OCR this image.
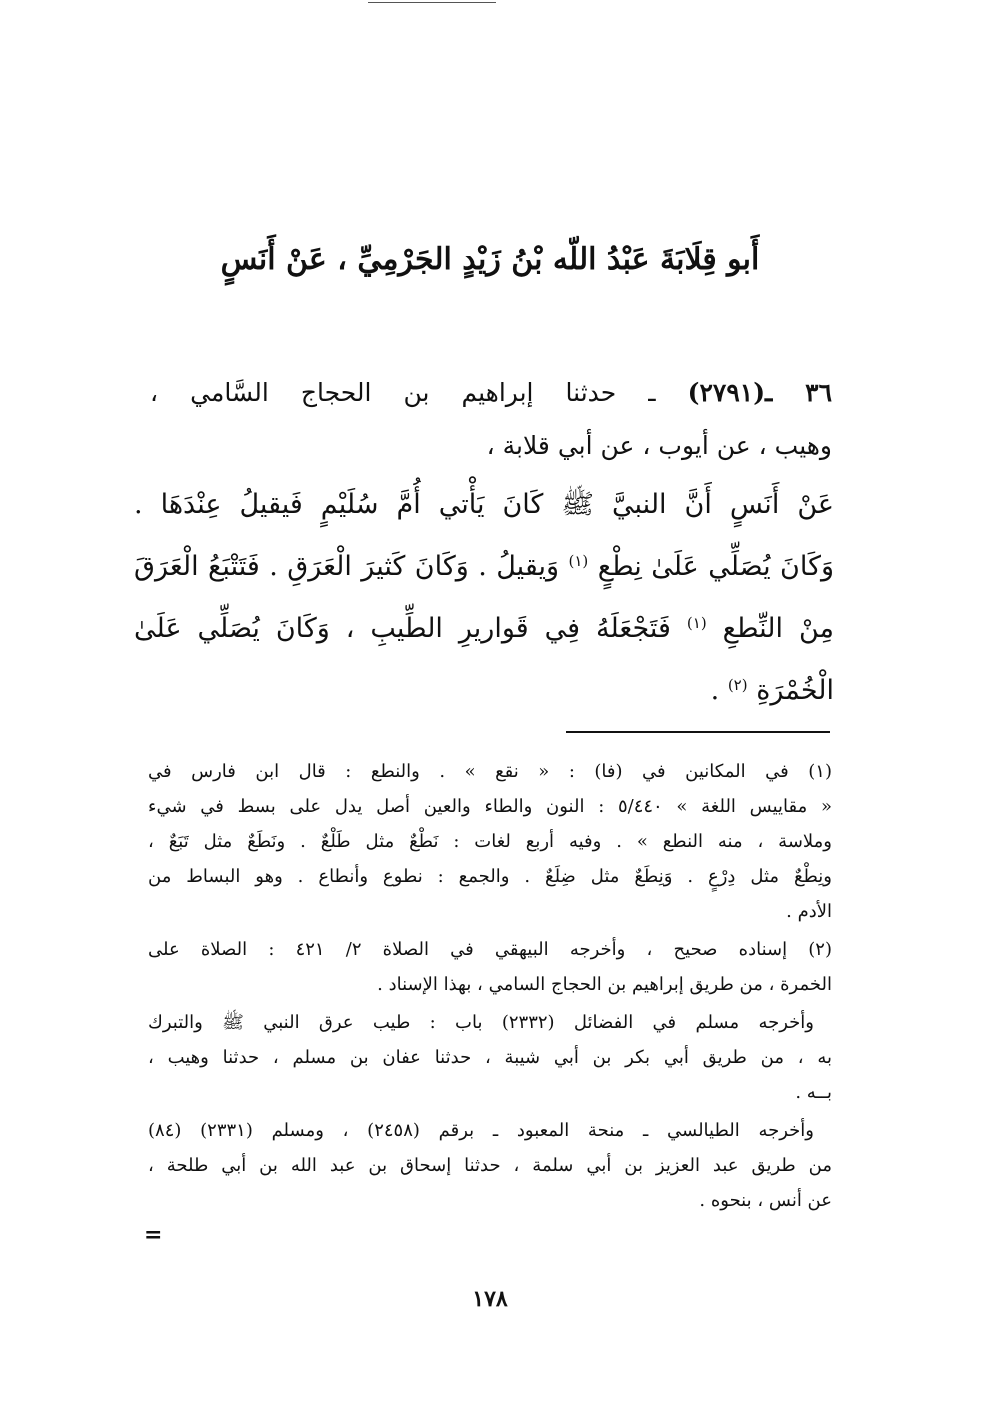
أَبو قِلَابَةَ عَبْدُ اللّه بْنُ زَيْدٍ الجَرْمِيِّ ، عَنْ أَنَسٍ
٣٦ ـ(٢٧٩١) ـ حدثنا إبراهيم بن الحجاج السَّامي ،
وهيب ، عن أيوب ، عن أبي قلابة ،
عَنْ أَنَسٍ أَنَّ النبيَّ ﷺ كَانَ يَأْتي أُمَّ سُلَيْمٍ فَيقيلُ عِنْدَهَا .
وَكَانَ يُصَلِّي عَلَىٰ نِطْعٍ $^{(١)}$ وَيقيلُ . وَكَانَ كَثيرَ الْعَرَقِ . فَتَتْبَعُ الْعَرَقَ
مِنْ النِّطعِ $^{(١)}$ فَتَجْعَلَهُ فِي قَواريرِ الطِّيبِ ، وَكَانَ يُصَلِّي عَلَىٰ
الْخُمْرَةِ $^{(٢)}$ .
(١) في المكانين في (فا) : « نقع » . والنطع : قال ابن فارس في
« مقاييس اللغة » ٥/٤٤٠ : النون والطاء والعين أصل يدل على بسط في شيء
وملاسة ، منه النطع » . وفيه أربع لغات : نَطْعٌ مثل طَلْعٌ . ونَطَعٌ مثل تَبَعٌ ،
ونِطْعٌ مثل دِرْعٍ . وَنِطَعٌ مثل ضِلَعٌ . والجمع : نطوع وأنطاع . وهو البساط من
الأدم .
(٢) إسناده صحيح ، وأخرجه البيهقي في الصلاة ٢/ ٤٢١ : الصلاة على
الخمرة ، من طريق إبراهيم بن الحجاج السامي ، بهذا الإسناد .
وأخرجه مسلم في الفضائل (٢٣٣٢) باب : طيب عرق النبي ﷺ والتبرك
به ، من طريق أبي بكر بن أبي شيبة ، حدثنا عفان بن مسلم ، حدثنا وهيب ،
بــه .
وأخرجه الطيالسي ـ منحة المعبود ـ برقم (٢٤٥٨) ، ومسلم (٢٣٣١) (٨٤)
من طريق عبد العزيز بن أبي سلمة ، حدثنا إسحاق بن عبد الله بن أبي طلحة ،
عن أنس ، بنحوه .
=
١٧٨
